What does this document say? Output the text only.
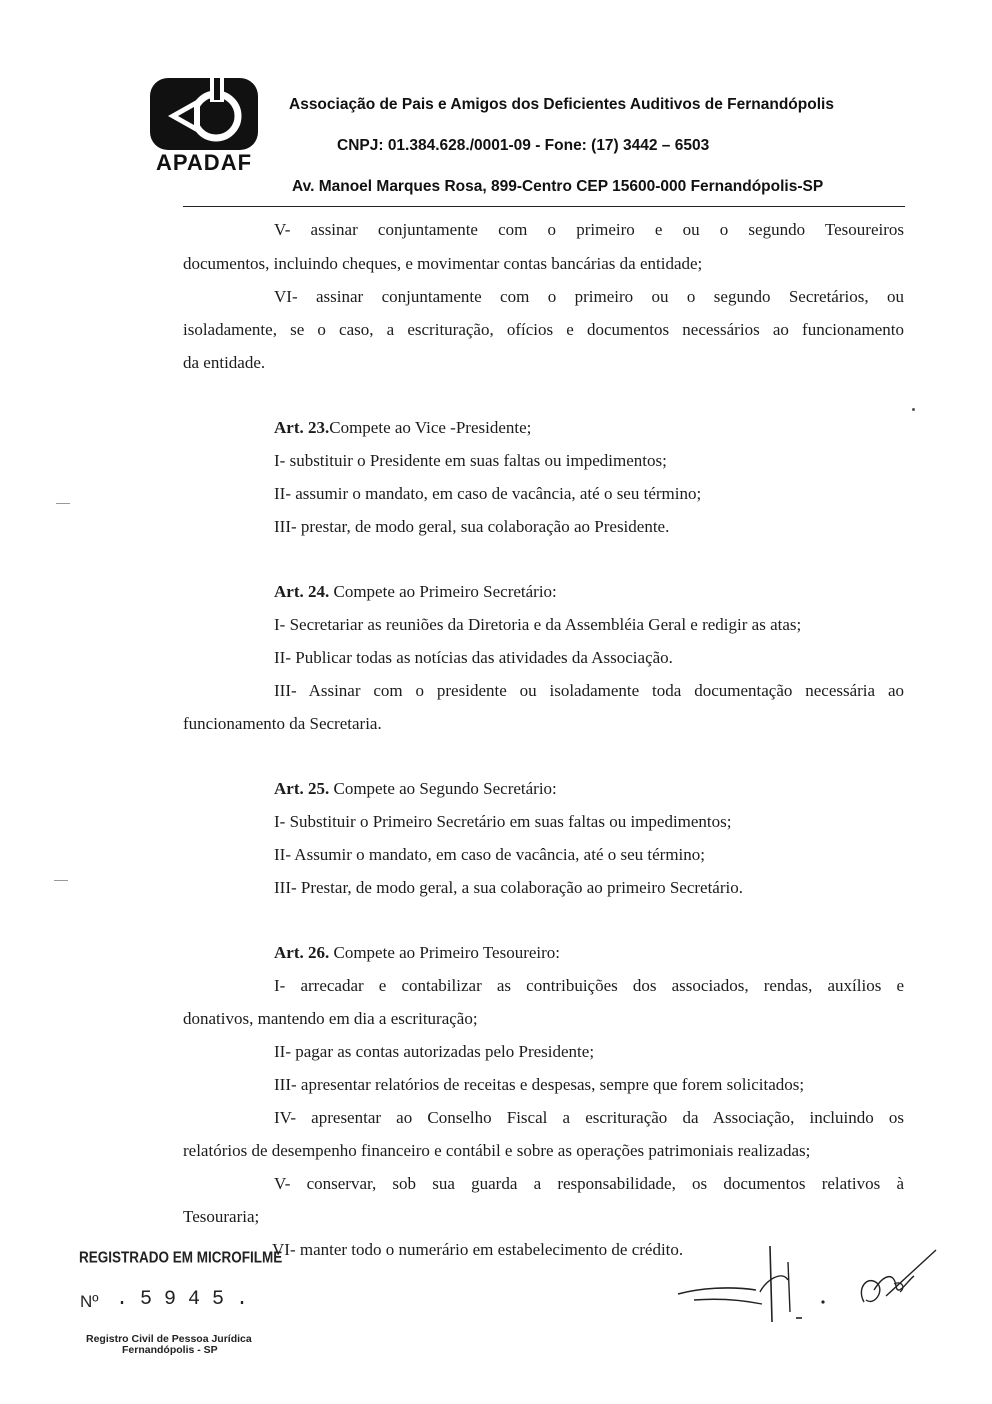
APADAF
Associação de Pais e Amigos dos Deficientes Auditivos de Fernandópolis
CNPJ: 01.384.628./0001-09 - Fone: (17) 3442 – 6503
Av. Manoel Marques Rosa, 899-Centro CEP 15600-000 Fernandópolis-SP
V- assinar conjuntamente com o primeiro e ou o segundo Tesoureiros
documentos, incluindo cheques, e movimentar contas bancárias da entidade;
VI- assinar conjuntamente com o primeiro ou o segundo Secretários, ou
isoladamente, se o caso, a escrituração, ofícios e documentos necessários ao funcionamento
da entidade.
Art. 23.Compete ao Vice -Presidente;
I- substituir o Presidente em suas faltas ou impedimentos;
II- assumir o mandato, em caso de vacância, até o seu término;
III- prestar, de modo geral, sua colaboração ao Presidente.
Art. 24. Compete ao Primeiro Secretário:
I- Secretariar as reuniões da Diretoria e da Assembléia Geral e redigir as atas;
II- Publicar todas as notícias das atividades da Associação.
III- Assinar com o presidente ou isoladamente toda documentação necessária ao
funcionamento da Secretaria.
Art. 25. Compete ao Segundo Secretário:
I- Substituir o Primeiro Secretário em suas faltas ou impedimentos;
II- Assumir o mandato, em caso de vacância, até o seu término;
III- Prestar, de modo geral, a sua colaboração ao primeiro Secretário.
Art. 26. Compete ao Primeiro Tesoureiro:
I- arrecadar e contabilizar as contribuições dos associados, rendas, auxílios e
donativos, mantendo em dia a escrituração;
II- pagar as contas autorizadas pelo Presidente;
III- apresentar relatórios de receitas e despesas, sempre que forem solicitados;
IV- apresentar ao Conselho Fiscal a escrituração da Associação, incluindo os
relatórios de desempenho financeiro e contábil e sobre as operações patrimoniais realizadas;
V- conservar, sob sua guarda a responsabilidade, os documentos relativos à
Tesouraria;
VI- manter todo o numerário em estabelecimento de crédito.
REGISTRADO EM MICROFILME
Nº . 5 9 4 5 .
Registro Civil de Pessoa Jurídica
Fernandópolis - SP
